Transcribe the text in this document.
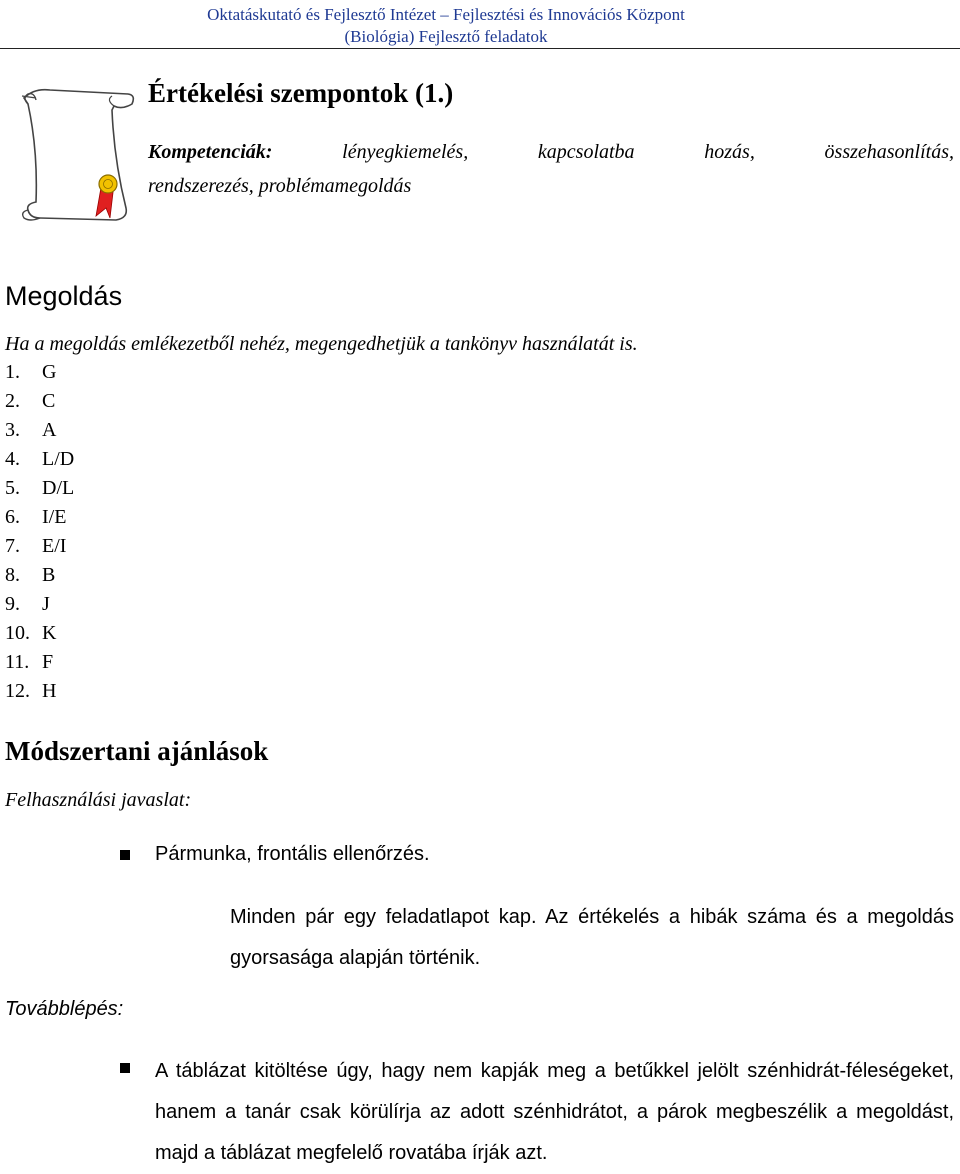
Oktatáskutató és Fejlesztő Intézet – Fejlesztési és Innovációs Központ
(Biológia) Fejlesztő feladatok
Értékelési szempontok (1.)
Kompetenciák:	lényegkiemelés, kapcsolatba hozás, összehasonlítás,
rendszerezés, problémamegoldás
Megoldás
Ha a megoldás emlékezetből nehéz, megengedhetjük a tankönyv használatát is.
1. G
2. C
3. A
4. L/D
5. D/L
6. I/E
7. E/I
8. B
9. J
10. K
11. F
12. H
Módszertani ajánlások
Felhasználási javaslat:
Pármunka, frontális ellenőrzés.
Minden pár egy feladatlapot kap. Az értékelés a hibák száma és a megoldás gyorsasága alapján történik.
Továbblépés:
A táblázat kitöltése úgy, hagy nem kapják meg a betűkkel jelölt szénhidrát-féleségeket, hanem a tanár csak körülírja az adott szénhidrátot, a párok megbeszélik a megoldást, majd a táblázat megfelelő rovatába írják azt.
